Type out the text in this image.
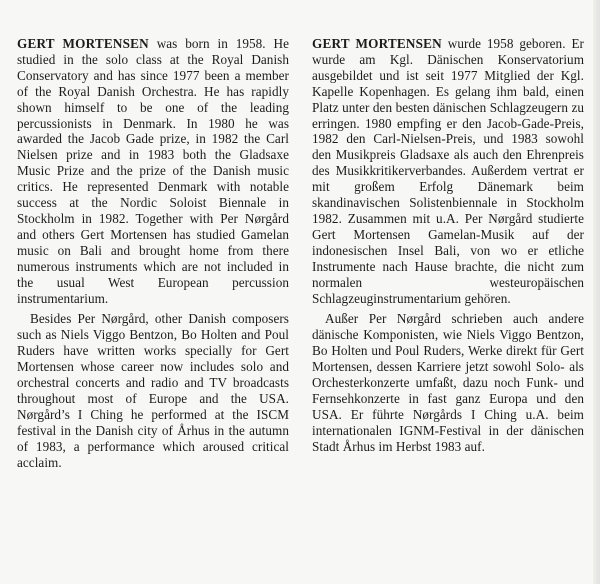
GERT MORTENSEN was born in 1958. He studied in the solo class at the Royal Danish Conservatory and has since 1977 been a member of the Royal Danish Orchestra. He has rapidly shown himself to be one of the leading percussionists in Denmark. In 1980 he was awarded the Jacob Gade prize, in 1982 the Carl Nielsen prize and in 1983 both the Gladsaxe Music Prize and the prize of the Danish music critics. He represented Denmark with notable success at the Nordic Soloist Biennale in Stockholm in 1982. Together with Per Nørgård and others Gert Mortensen has studied Gamelan music on Bali and brought home from there numerous instruments which are not included in the usual West European percussion instrumentarium.

Besides Per Nørgård, other Danish composers such as Niels Viggo Bentzon, Bo Holten and Poul Ruders have written works specially for Gert Mortensen whose career now includes solo and orchestral concerts and radio and TV broadcasts throughout most of Europe and the USA. Nørgård’s I Ching he performed at the ISCM festival in the Danish city of Århus in the autumn of 1983, a performance which aroused critical acclaim.

GERT MORTENSEN wurde 1958 geboren. Er wurde am Kgl. Dänischen Konservatorium ausgebildet und ist seit 1977 Mitglied der Kgl. Kapelle Kopenhagen. Es gelang ihm bald, einen Platz unter den besten dänischen Schlagzeugern zu erringen. 1980 empfing er den Jacob-Gade-Preis, 1982 den Carl-Nielsen-Preis, und 1983 sowohl den Musikpreis Gladsaxe als auch den Ehrenpreis des Musikkritikerverbandes. Außerdem vertrat er mit großem Erfolg Dänemark beim skandinavischen Solistenbiennale in Stockholm 1982. Zusammen mit u.A. Per Nørgård studierte Gert Mortensen Gamelan-Musik auf der indonesischen Insel Bali, von wo er etliche Instrumente nach Hause brachte, die nicht zum normalen westeuropäischen Schlagzeuginstrumentarium gehören.

Außer Per Nørgård schrieben auch andere dänische Komponisten, wie Niels Viggo Bentzon, Bo Holten und Poul Ruders, Werke direkt für Gert Mortensen, dessen Karriere jetzt sowohl Solo- als Orchesterkonzerte umfaßt, dazu noch Funk- und Fernsehkonzerte in fast ganz Europa und den USA. Er führte Nørgårds I Ching u.A. beim internationalen IGNM-Festival in der dänischen Stadt Århus im Herbst 1983 auf.
